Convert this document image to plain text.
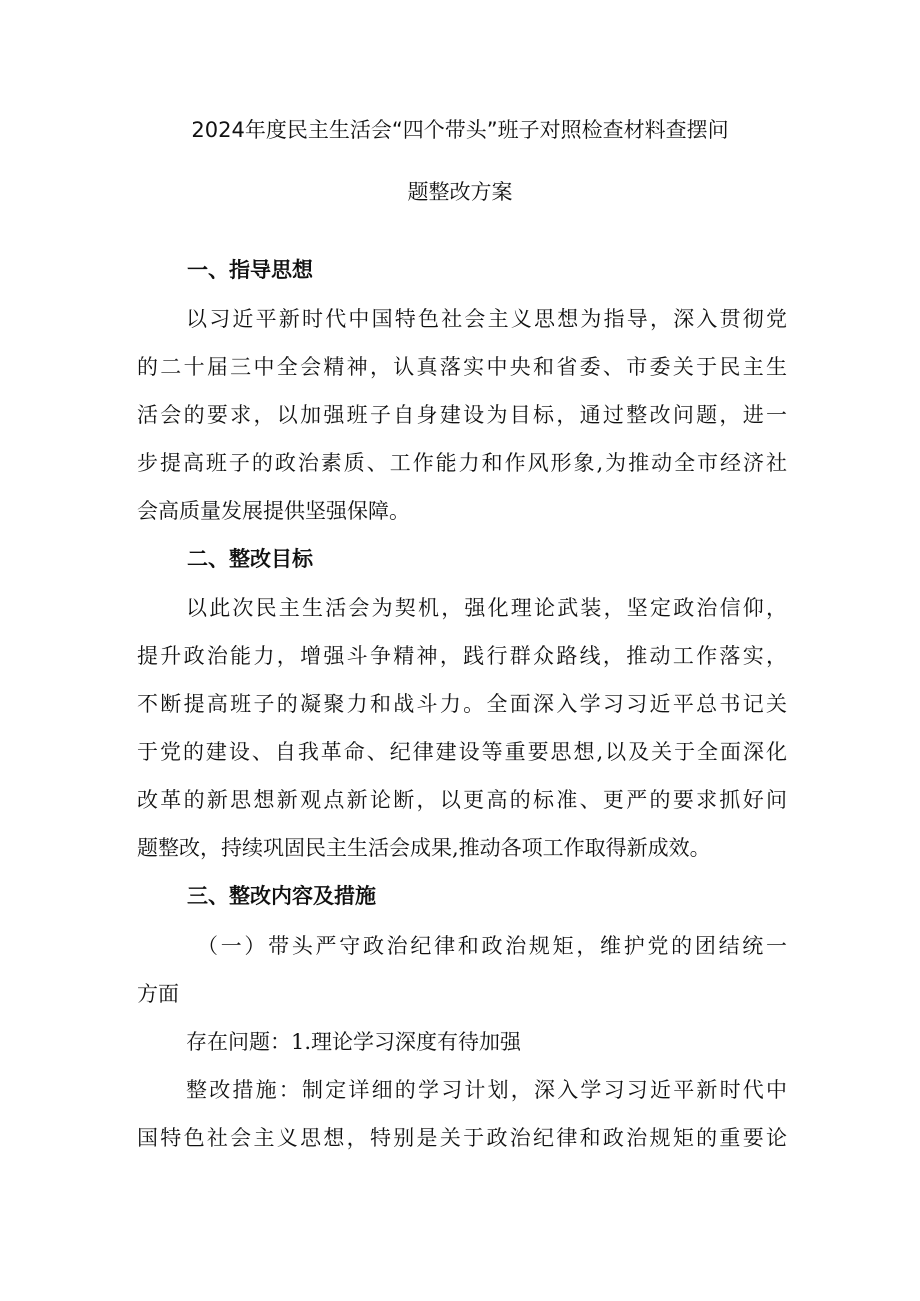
2024年度民主生活会“四个带头”班子对照检查材料查摆问
题整改方案
一、指导思想
以习近平新时代中国特色社会主义思想为指导，深入贯彻党
的二十届三中全会精神，认真落实中央和省委、市委关于民主生
活会的要求，以加强班子自身建设为目标，通过整改问题，进一
步提高班子的政治素质、工作能力和作风形象,为推动全市经济社
会高质量发展提供坚强保障。
二、整改目标
以此次民主生活会为契机，强化理论武装，坚定政治信仰，
提升政治能力，增强斗争精神，践行群众路线，推动工作落实，
不断提高班子的凝聚力和战斗力。全面深入学习习近平总书记关
于党的建设、自我革命、纪律建设等重要思想,以及关于全面深化
改革的新思想新观点新论断，以更高的标准、更严的要求抓好问
题整改，持续巩固民主生活会成果,推动各项工作取得新成效。
三、整改内容及措施
（一）带头严守政治纪律和政治规矩，维护党的团结统一
方面
存在问题：1.理论学习深度有待加强
整改措施：制定详细的学习计划，深入学习习近平新时代中
国特色社会主义思想，特别是关于政治纪律和政治规矩的重要论
